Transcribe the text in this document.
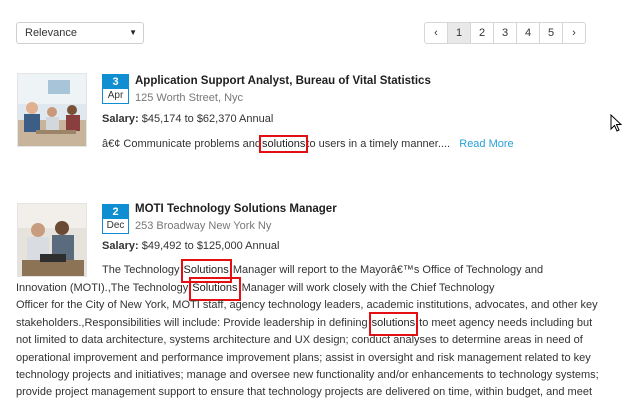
Relevance	▼	‹	1	2	3	4	5	›
3
Apr
Application Support Analyst, Bureau of Vital Statistics
125 Worth Street, Nyc
Salary: $45,174 to $62,370 Annual
â€¢ Communicate problems andsolutionsto users in a timely manner.... Read More
2
Dec
MOTI Technology Solutions Manager
253 Broadway New York Ny
Salary: $49,492 to $125,000 Annual
The Technology Solutions Manager will report to the Mayorâ€™s Office of Technology and
Innovation (MOTI).,The Technology Solutions Manager will work closely with the Chief Technology
Officer for the City of New York, MOTI staff, agency technology leaders, academic institutions, advocates, and other key
stakeholders.,Responsibilities will include: Provide leadership in defining solutions to meet agency needs including but
not limited to data architecture, systems architecture and UX design; conduct analyses to determine areas in need of
operational improvement and performance improvement plans; assist in oversight and risk management related to key
technology projects and initiatives; manage and oversee new functionality and/or enhancements to technology systems;
provide project management support to ensure that technology projects are delivered on time, within budget, and meet
